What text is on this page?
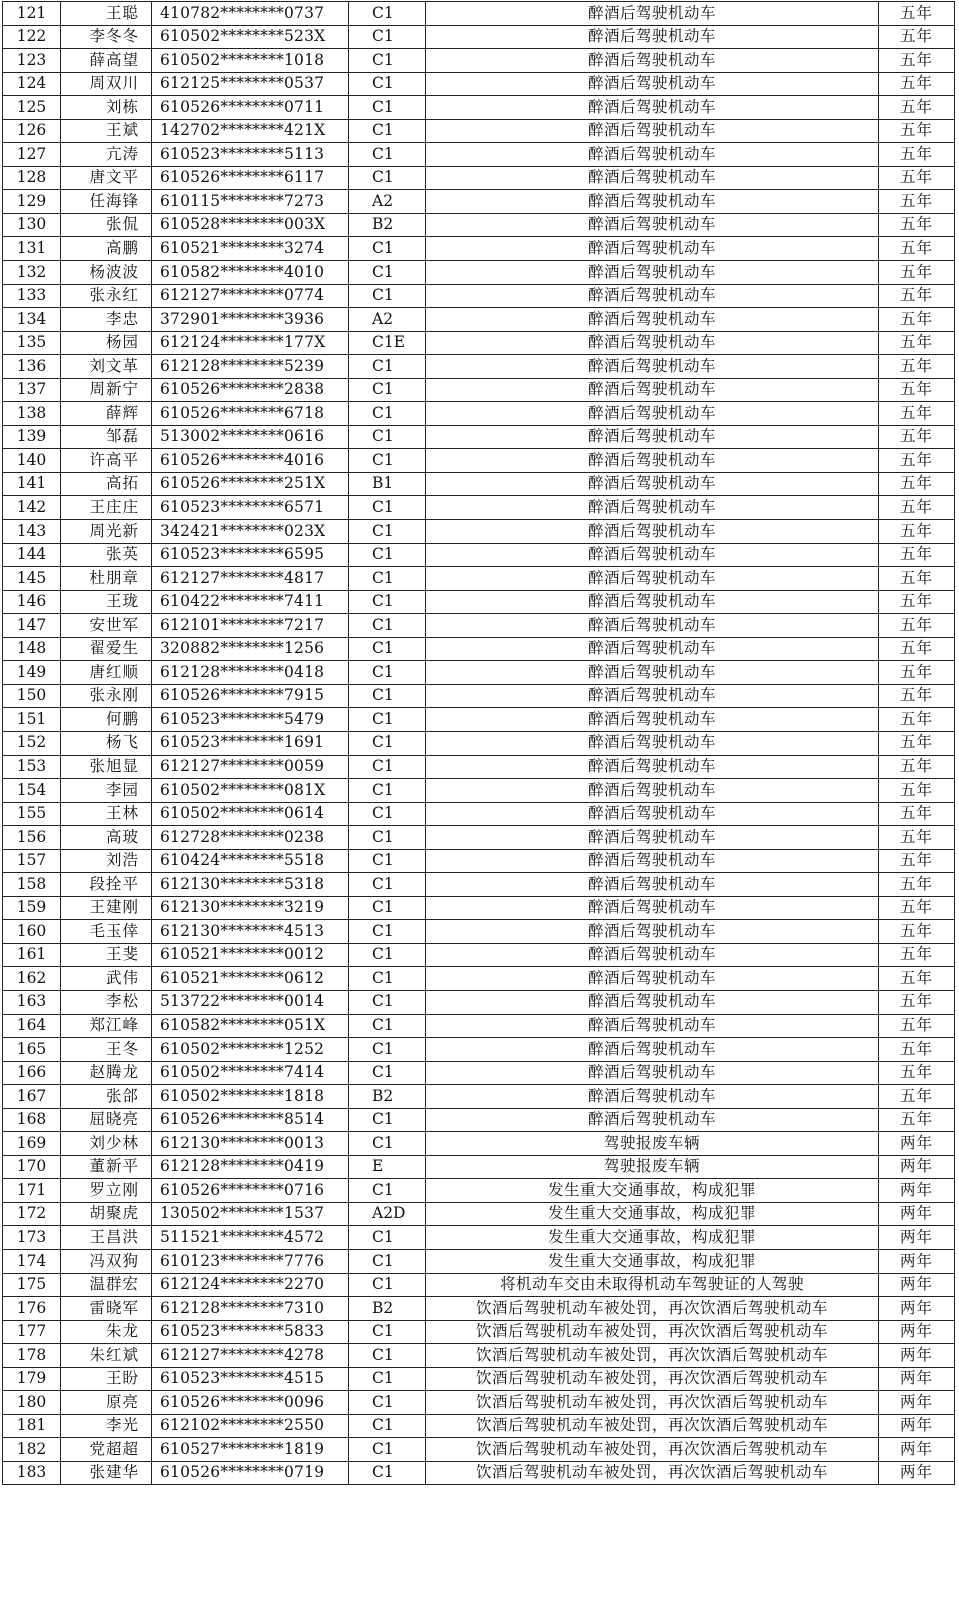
121	王聪	410782********0737	C1	醉酒后驾驶机动车	五年
122	李冬冬	610502********523X	C1	醉酒后驾驶机动车	五年
123	薛高望	610502********1018	C1	醉酒后驾驶机动车	五年
124	周双川	612125********0537	C1	醉酒后驾驶机动车	五年
125	刘栋	610526********0711	C1	醉酒后驾驶机动车	五年
126	王斌	142702********421X	C1	醉酒后驾驶机动车	五年
127	亢涛	610523********5113	C1	醉酒后驾驶机动车	五年
128	唐文平	610526********6117	C1	醉酒后驾驶机动车	五年
129	任海锋	610115********7273	A2	醉酒后驾驶机动车	五年
130	张侃	610528********003X	B2	醉酒后驾驶机动车	五年
131	高鹏	610521********3274	C1	醉酒后驾驶机动车	五年
132	杨波波	610582********4010	C1	醉酒后驾驶机动车	五年
133	张永红	612127********0774	C1	醉酒后驾驶机动车	五年
134	李忠	372901********3936	A2	醉酒后驾驶机动车	五年
135	杨园	612124********177X	C1E	醉酒后驾驶机动车	五年
136	刘文革	612128********5239	C1	醉酒后驾驶机动车	五年
137	周新宁	610526********2838	C1	醉酒后驾驶机动车	五年
138	薛辉	610526********6718	C1	醉酒后驾驶机动车	五年
139	邹磊	513002********0616	C1	醉酒后驾驶机动车	五年
140	许高平	610526********4016	C1	醉酒后驾驶机动车	五年
141	高拓	610526********251X	B1	醉酒后驾驶机动车	五年
142	王庄庄	610523********6571	C1	醉酒后驾驶机动车	五年
143	周光新	342421********023X	C1	醉酒后驾驶机动车	五年
144	张英	610523********6595	C1	醉酒后驾驶机动车	五年
145	杜朋章	612127********4817	C1	醉酒后驾驶机动车	五年
146	王珑	610422********7411	C1	醉酒后驾驶机动车	五年
147	安世军	612101********7217	C1	醉酒后驾驶机动车	五年
148	翟爱生	320882********1256	C1	醉酒后驾驶机动车	五年
149	唐红顺	612128********0418	C1	醉酒后驾驶机动车	五年
150	张永刚	610526********7915	C1	醉酒后驾驶机动车	五年
151	何鹏	610523********5479	C1	醉酒后驾驶机动车	五年
152	杨飞	610523********1691	C1	醉酒后驾驶机动车	五年
153	张旭显	612127********0059	C1	醉酒后驾驶机动车	五年
154	李园	610502********081X	C1	醉酒后驾驶机动车	五年
155	王林	610502********0614	C1	醉酒后驾驶机动车	五年
156	高玻	612728********0238	C1	醉酒后驾驶机动车	五年
157	刘浩	610424********5518	C1	醉酒后驾驶机动车	五年
158	段拴平	612130********5318	C1	醉酒后驾驶机动车	五年
159	王建刚	612130********3219	C1	醉酒后驾驶机动车	五年
160	毛玉倖	612130********4513	C1	醉酒后驾驶机动车	五年
161	王斐	610521********0012	C1	醉酒后驾驶机动车	五年
162	武伟	610521********0612	C1	醉酒后驾驶机动车	五年
163	李松	513722********0014	C1	醉酒后驾驶机动车	五年
164	郑江峰	610582********051X	C1	醉酒后驾驶机动车	五年
165	王冬	610502********1252	C1	醉酒后驾驶机动车	五年
166	赵腾龙	610502********7414	C1	醉酒后驾驶机动车	五年
167	张郃	610502********1818	B2	醉酒后驾驶机动车	五年
168	屈晓亮	610526********8514	C1	醉酒后驾驶机动车	五年
169	刘少林	612130********0013	C1	驾驶报废车辆	两年
170	董新平	612128********0419	E	驾驶报废车辆	两年
171	罗立刚	610526********0716	C1	发生重大交通事故，构成犯罪	两年
172	胡聚虎	130502********1537	A2D	发生重大交通事故，构成犯罪	两年
173	王昌洪	511521********4572	C1	发生重大交通事故，构成犯罪	两年
174	冯双狗	610123********7776	C1	发生重大交通事故，构成犯罪	两年
175	温群宏	612124********2270	C1	将机动车交由未取得机动车驾驶证的人驾驶	两年
176	雷晓军	612128********7310	B2	饮酒后驾驶机动车被处罚，再次饮酒后驾驶机动车	两年
177	朱龙	610523********5833	C1	饮酒后驾驶机动车被处罚，再次饮酒后驾驶机动车	两年
178	朱红斌	612127********4278	C1	饮酒后驾驶机动车被处罚，再次饮酒后驾驶机动车	两年
179	王盼	610523********4515	C1	饮酒后驾驶机动车被处罚，再次饮酒后驾驶机动车	两年
180	原亮	610526********0096	C1	饮酒后驾驶机动车被处罚，再次饮酒后驾驶机动车	两年
181	李光	612102********2550	C1	饮酒后驾驶机动车被处罚，再次饮酒后驾驶机动车	两年
182	党超超	610527********1819	C1	饮酒后驾驶机动车被处罚，再次饮酒后驾驶机动车	两年
183	张建华	610526********0719	C1	饮酒后驾驶机动车被处罚，再次饮酒后驾驶机动车	两年
